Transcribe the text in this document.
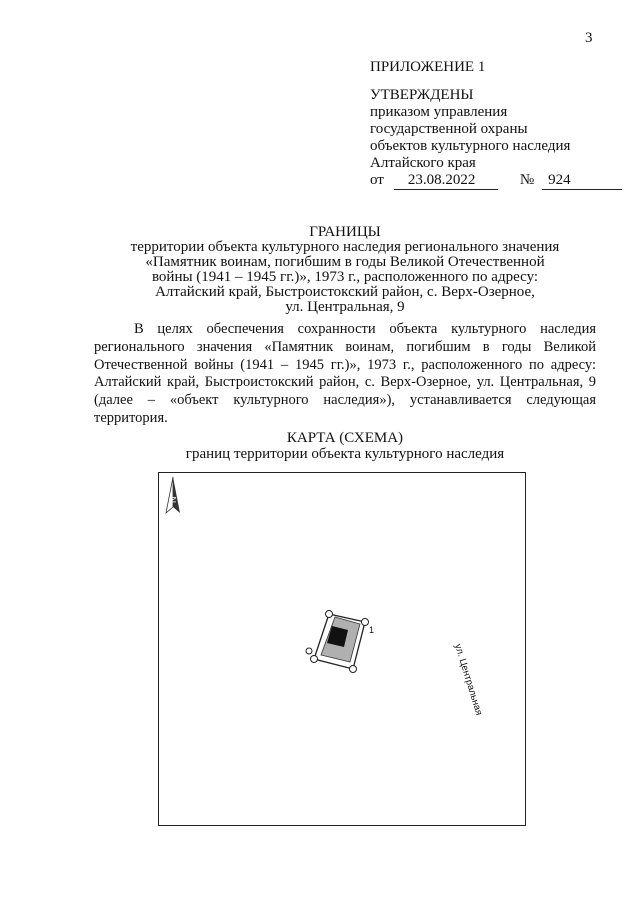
3
ПРИЛОЖЕНИЕ 1
УТВЕРЖДЕНЫ
приказом управления
государственной охраны
объектов культурного наследия
Алтайского края
от	23.08.2022	№ 924
ГРАНИЦЫ
территории объекта культурного наследия регионального значения
«Памятник воинам, погибшим в годы Великой Отечественной
войны (1941 – 1945 гг.)», 1973 г., расположенного по адресу:
Алтайский край, Быстроистокский район, с. Верх-Озерное,
ул. Центральная, 9
В целях обеспечения сохранности объекта культурного наследия регионального значения «Памятник воинам, погибшим в годы Великой Отечественной войны (1941 – 1945 гг.)», 1973 г., расположенного по адресу: Алтайский край, Быстроистокский район, с. Верх-Озерное, ул. Центральная, 9 (далее – «объект культурного наследия»), устанавливается следующая территория.
КАРТА (СХЕМА)
границ территории объекта культурного наследия
1
ул. Центральная
N
